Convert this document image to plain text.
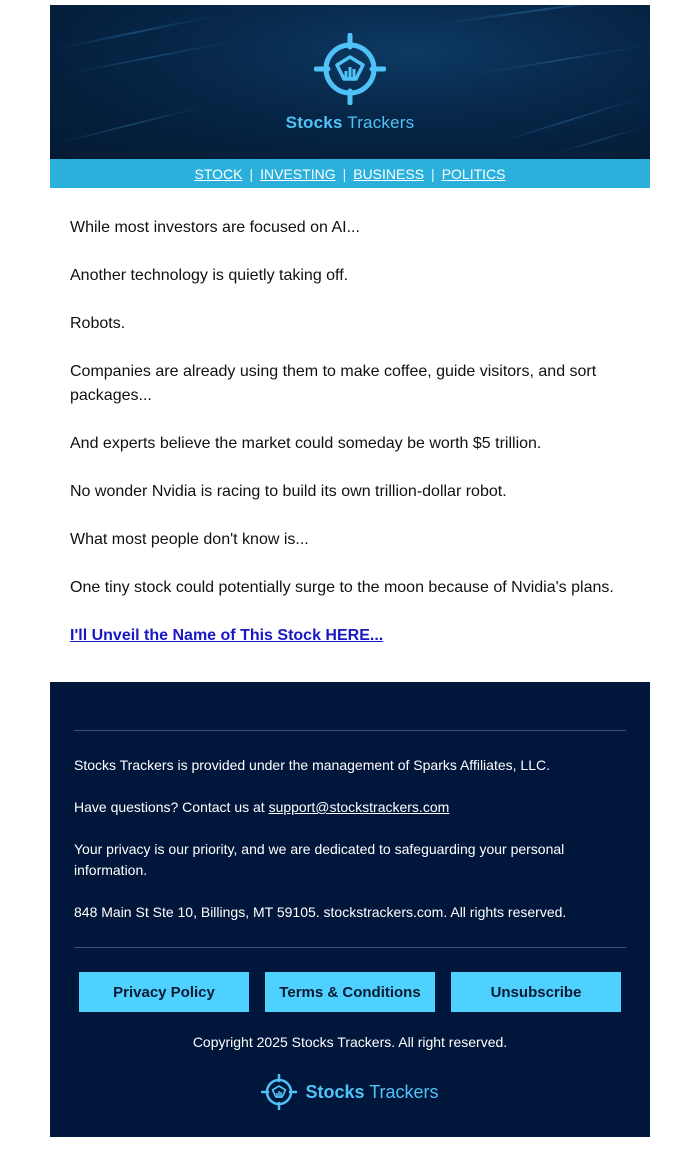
Stocks Trackers
STOCK | INVESTING | BUSINESS | POLITICS

While most investors are focused on AI...

Another technology is quietly taking off.

Robots.

Companies are already using them to make coffee, guide visitors, and sort packages...

And experts believe the market could someday be worth $5 trillion.

No wonder Nvidia is racing to build its own trillion-dollar robot.

What most people don't know is...

One tiny stock could potentially surge to the moon because of Nvidia's plans.

I'll Unveil the Name of This Stock HERE...

Stocks Trackers is provided under the management of Sparks Affiliates, LLC.

Have questions? Contact us at support@stockstrackers.com

Your privacy is our priority, and we are dedicated to safeguarding your personal information.

848 Main St Ste 10, Billings, MT 59105. stockstrackers.com. All rights reserved.

Privacy Policy	Terms & Conditions	Unsubscribe

Copyright 2025 Stocks Trackers. All right reserved.

Stocks Trackers
